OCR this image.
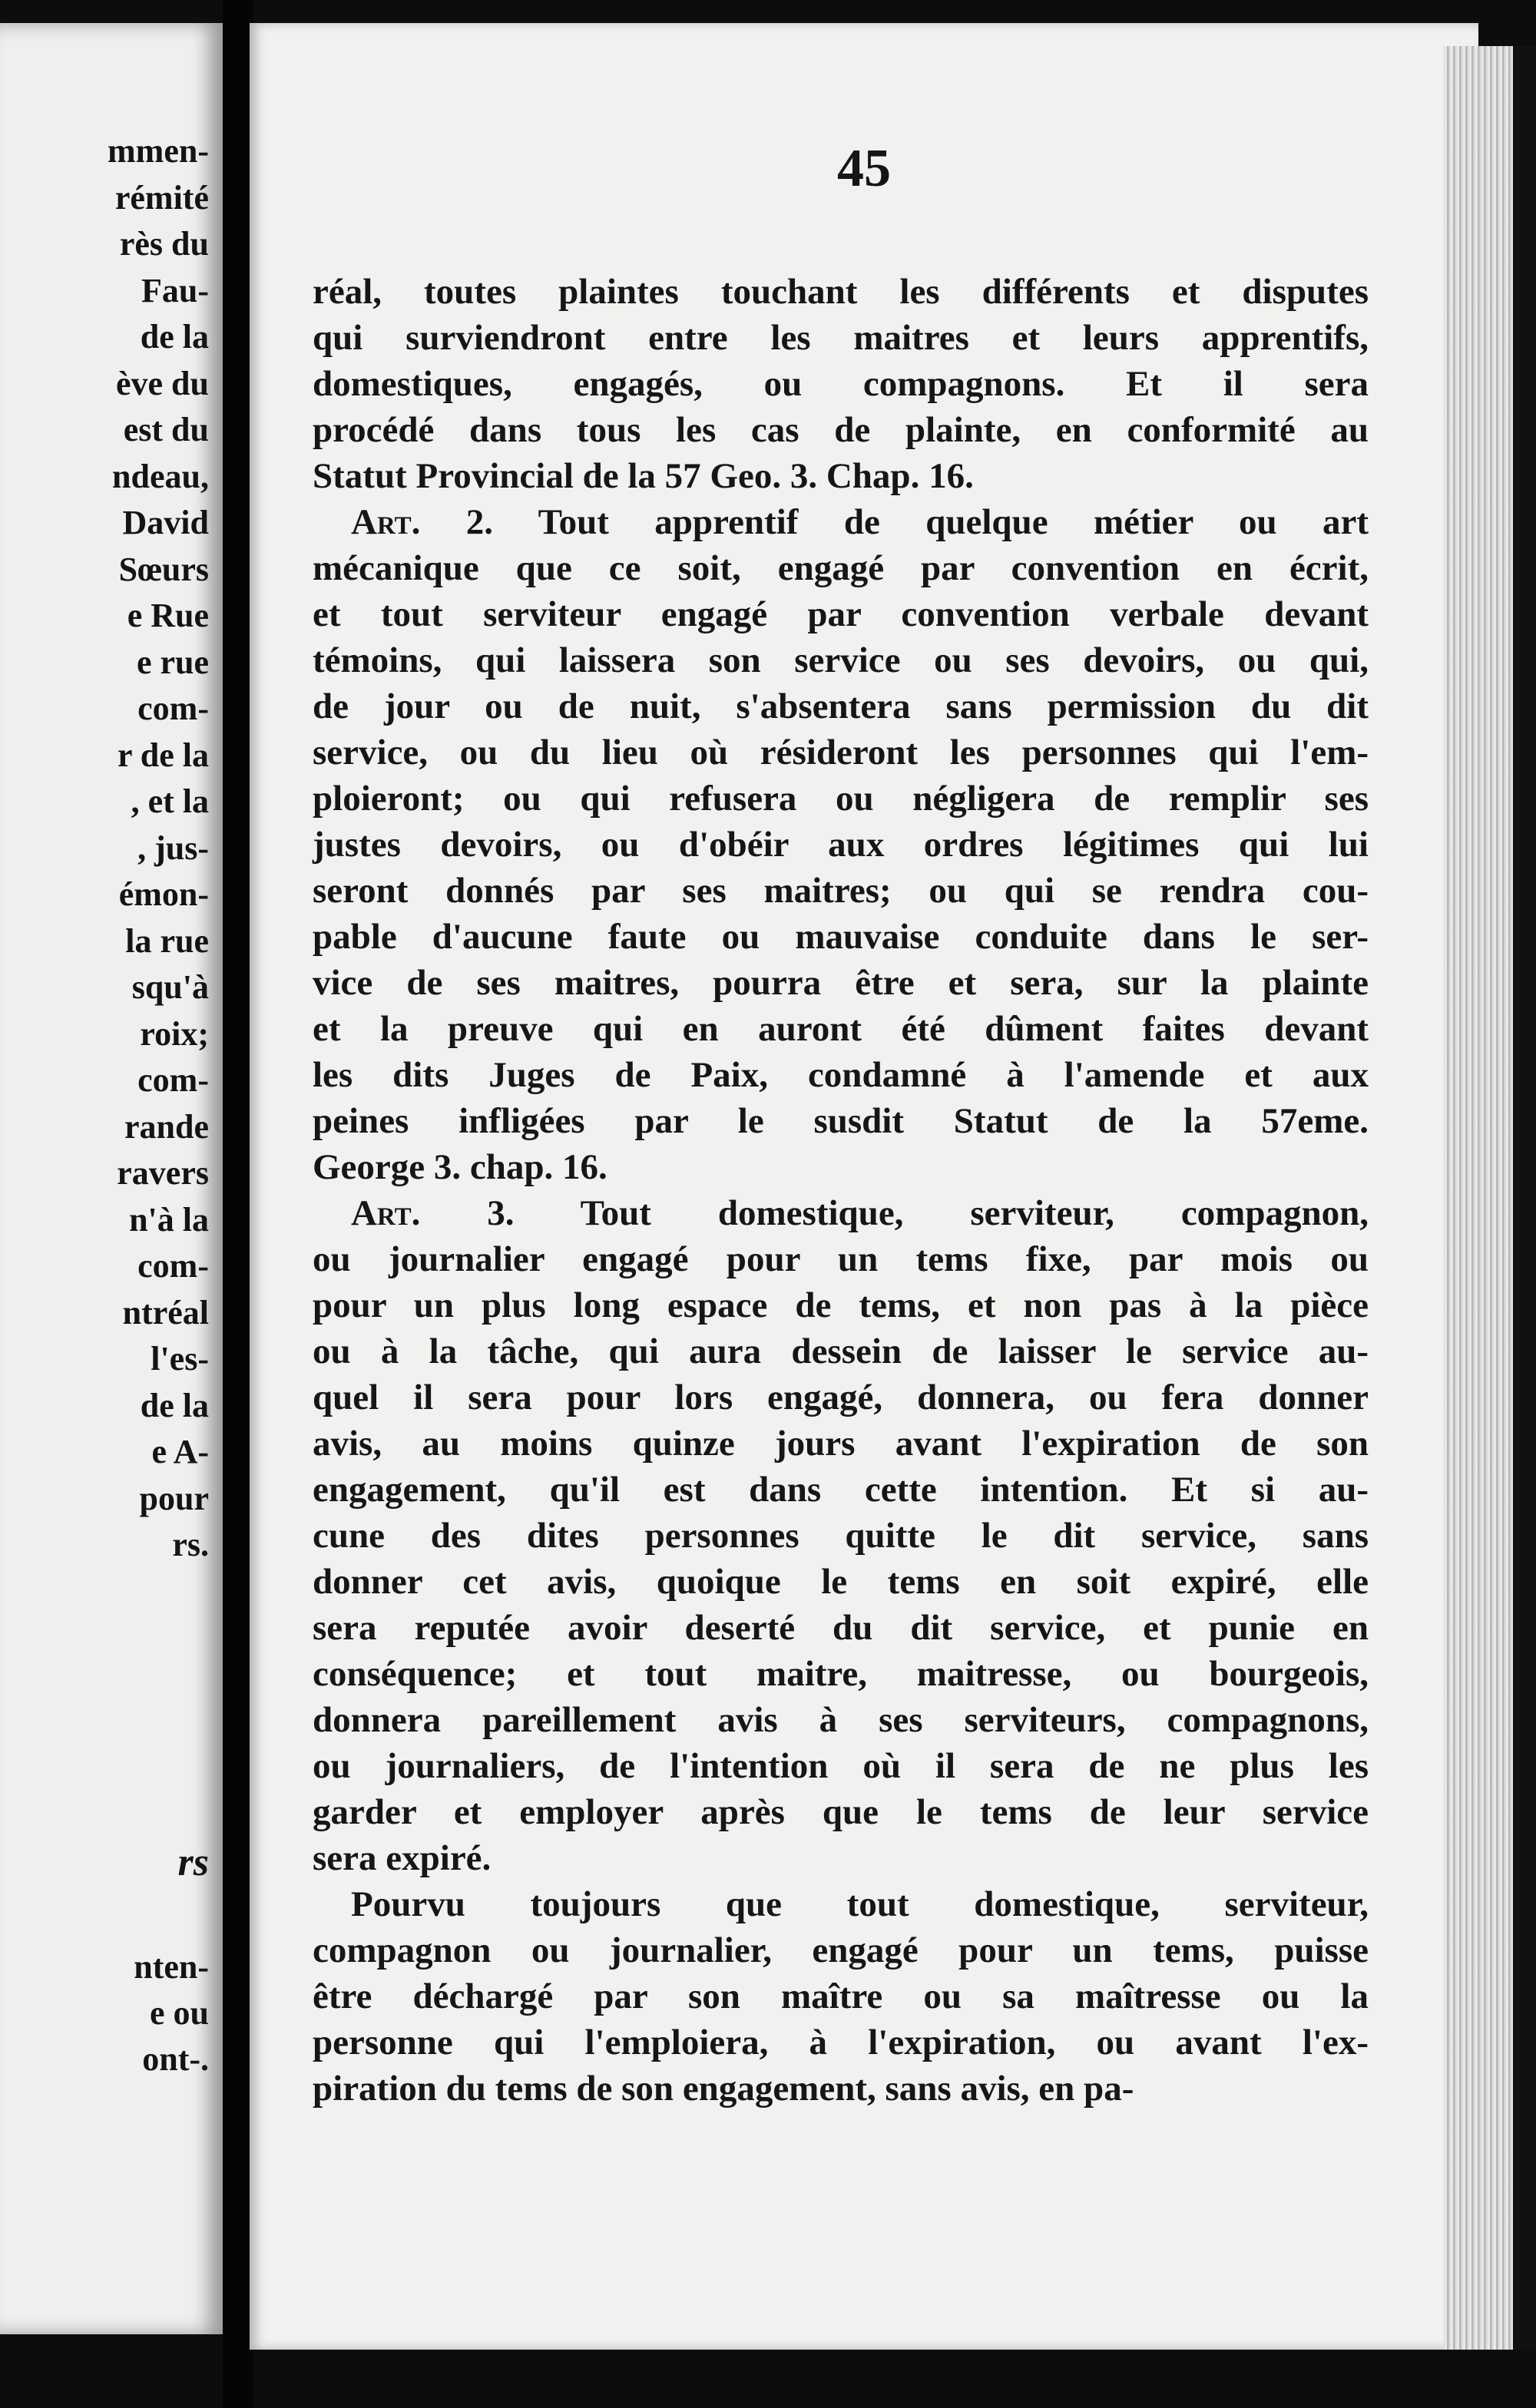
mmen-
rémité
rès du
Fau-
de la
ève du
est du
ndeau,
David
Sœurs
e Rue
e rue
com-
r de la
, et la
, jus-
émon-
la rue
squ'à
roix;
com-
rande
ravers
n'à la
com-
ntréal
l'es-
de la
e A-
pour
rs.
rs
nten-
e ou
ont-.
45
réal, toutes plaintes touchant les différents et disputes
qui surviendront entre les maitres et leurs apprentifs,
domestiques, engagés, ou compagnons. Et il sera
procédé dans tous les cas de plainte, en conformité au
Statut Provincial de la 57 Geo. 3. Chap. 16.
Art. 2. Tout apprentif de quelque métier ou art
mécanique que ce soit, engagé par convention en écrit,
et tout serviteur engagé par convention verbale devant
témoins, qui laissera son service ou ses devoirs, ou qui,
de jour ou de nuit, s'absentera sans permission du dit
service, ou du lieu où résideront les personnes qui l'em-
ploieront; ou qui refusera ou négligera de remplir ses
justes devoirs, ou d'obéir aux ordres légitimes qui lui
seront donnés par ses maitres; ou qui se rendra cou-
pable d'aucune faute ou mauvaise conduite dans le ser-
vice de ses maitres, pourra être et sera, sur la plainte
et la preuve qui en auront été dûment faites devant
les dits Juges de Paix, condamné à l'amende et aux
peines infligées par le susdit Statut de la 57eme.
George 3. chap. 16.
Art. 3. Tout domestique, serviteur, compagnon,
ou journalier engagé pour un tems fixe, par mois ou
pour un plus long espace de tems, et non pas à la pièce
ou à la tâche, qui aura dessein de laisser le service au-
quel il sera pour lors engagé, donnera, ou fera donner
avis, au moins quinze jours avant l'expiration de son
engagement, qu'il est dans cette intention. Et si au-
cune des dites personnes quitte le dit service, sans
donner cet avis, quoique le tems en soit expiré, elle
sera reputée avoir deserté du dit service, et punie en
conséquence; et tout maitre, maitresse, ou bourgeois,
donnera pareillement avis à ses serviteurs, compagnons,
ou journaliers, de l'intention où il sera de ne plus les
garder et employer après que le tems de leur service
sera expiré.
Pourvu toujours que tout domestique, serviteur,
compagnon ou journalier, engagé pour un tems, puisse
être déchargé par son maître ou sa maîtresse ou la
personne qui l'emploiera, à l'expiration, ou avant l'ex-
piration du tems de son engagement, sans avis, en pa-
